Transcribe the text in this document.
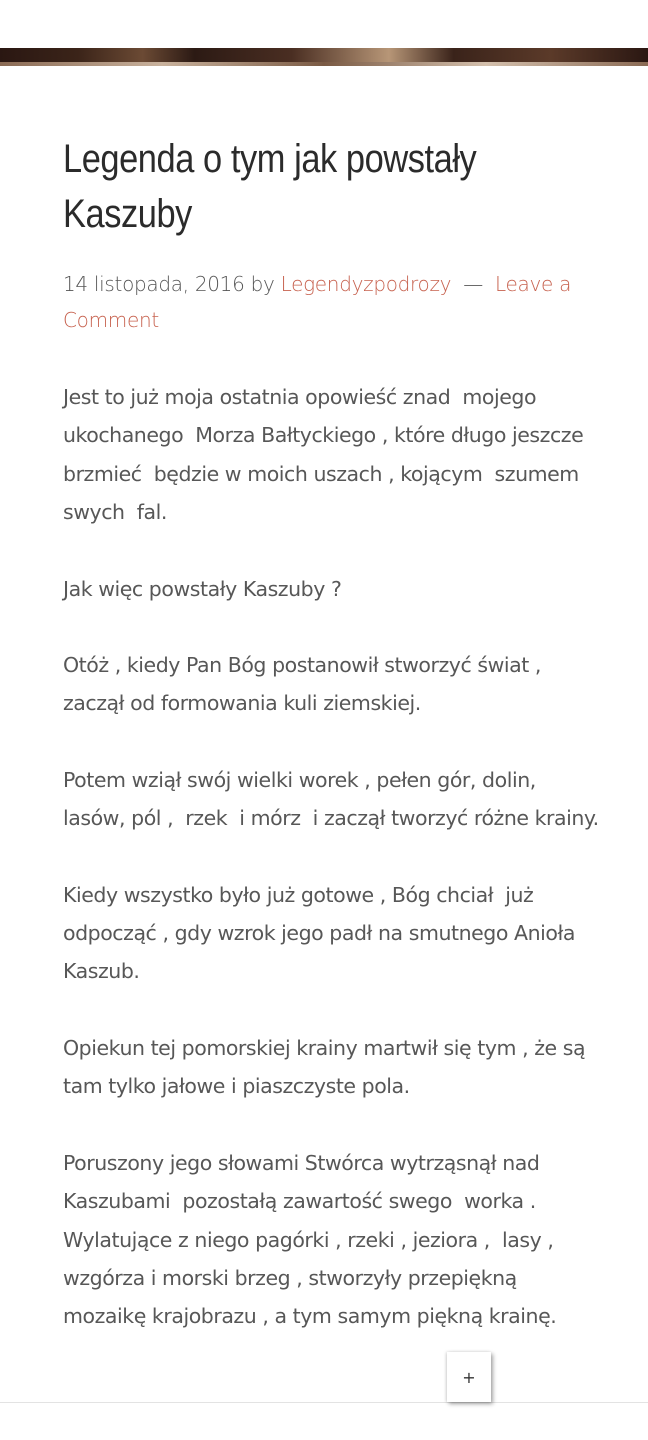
Legenda o tym jak powstały Kaszuby
14 listopada, 2016 by Legendyzpodrozy — Leave a Comment

Jest to już moja ostatnia opowieść znad  mojego ukochanego  Morza Bałtyckiego , które długo jeszcze  brzmieć  będzie w moich uszach , kojącym  szumem  swych  fal.

Jak więc powstały Kaszuby ?

Otóż , kiedy Pan Bóg postanowił stworzyć świat , zaczął od formowania kuli ziemskiej.

Potem wziął swój wielki worek , pełen gór, dolin, lasów, pól ,  rzek  i mórz  i zaczął tworzyć różne krainy.

Kiedy wszystko było już gotowe , Bóg chciał  już odpocząć , gdy wzrok jego padł na smutnego Anioła  Kaszub.

Opiekun tej pomorskiej krainy martwił się tym , że są tam tylko jałowe i piaszczyste pola.

Poruszony jego słowami Stwórca wytrząsnął nad Kaszubami  pozostałą zawartość swego  worka . Wylatujące z niego pagórki , rzeki , jeziora ,  lasy , wzgórza i morski brzeg , stworzyły przepiękną mozaikę krajobrazu , a tym samym piękną krainę.

+
